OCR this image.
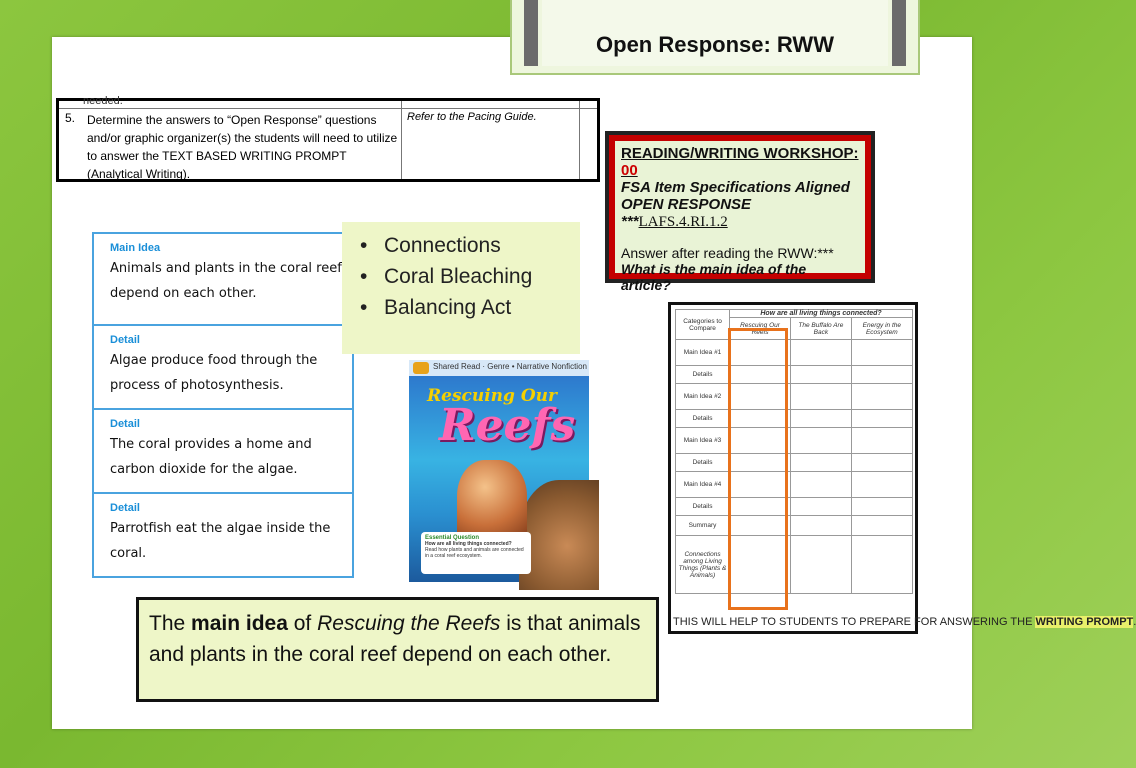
Open Response: RWW
needed.
5. Determine the answers to “Open Response” questions and/or graphic organizer(s) the students will need to utilize to answer the TEXT BASED WRITING PROMPT (Analytical Writing).
Refer to the Pacing Guide.
READING/WRITING WORKSHOP: 00
FSA Item Specifications Aligned
OPEN RESPONSE ***LAFS.4.RI.1.2
Answer after reading the RWW:***
What is the main idea of the article?
Main Idea
Animals and plants in the coral reef depend on each other.
Detail
Algae produce food through the process of photosynthesis.
Detail
The coral provides a home and carbon dioxide for the algae.
Detail
Parrotfish eat the algae inside the coral.
• Connections
• Coral Bleaching
• Balancing Act
Shared Read · Genre • Narrative Nonfiction
Rescuing Our
Reefs
Essential Question
How are all living things connected?
Read how plants and animals are connected in a coral reef ecosystem.
Categories to Compare	How are all living things connected?		
	Rescuing Our Reefs	The Buffalo Are Back	Energy in the Ecosystem
Main Idea #1			
Details			
Main Idea #2			
Details			
Main Idea #3			
Details			
Main Idea #4			
Details			
Summary			
Connections among Living Things (Plants & Animals)			
THIS WILL HELP TO STUDENTS TO PREPARE FOR ANSWERING THE WRITING PROMPT
The main idea of Rescuing the Reefs is that animals and plants in the coral reef depend on each other.
